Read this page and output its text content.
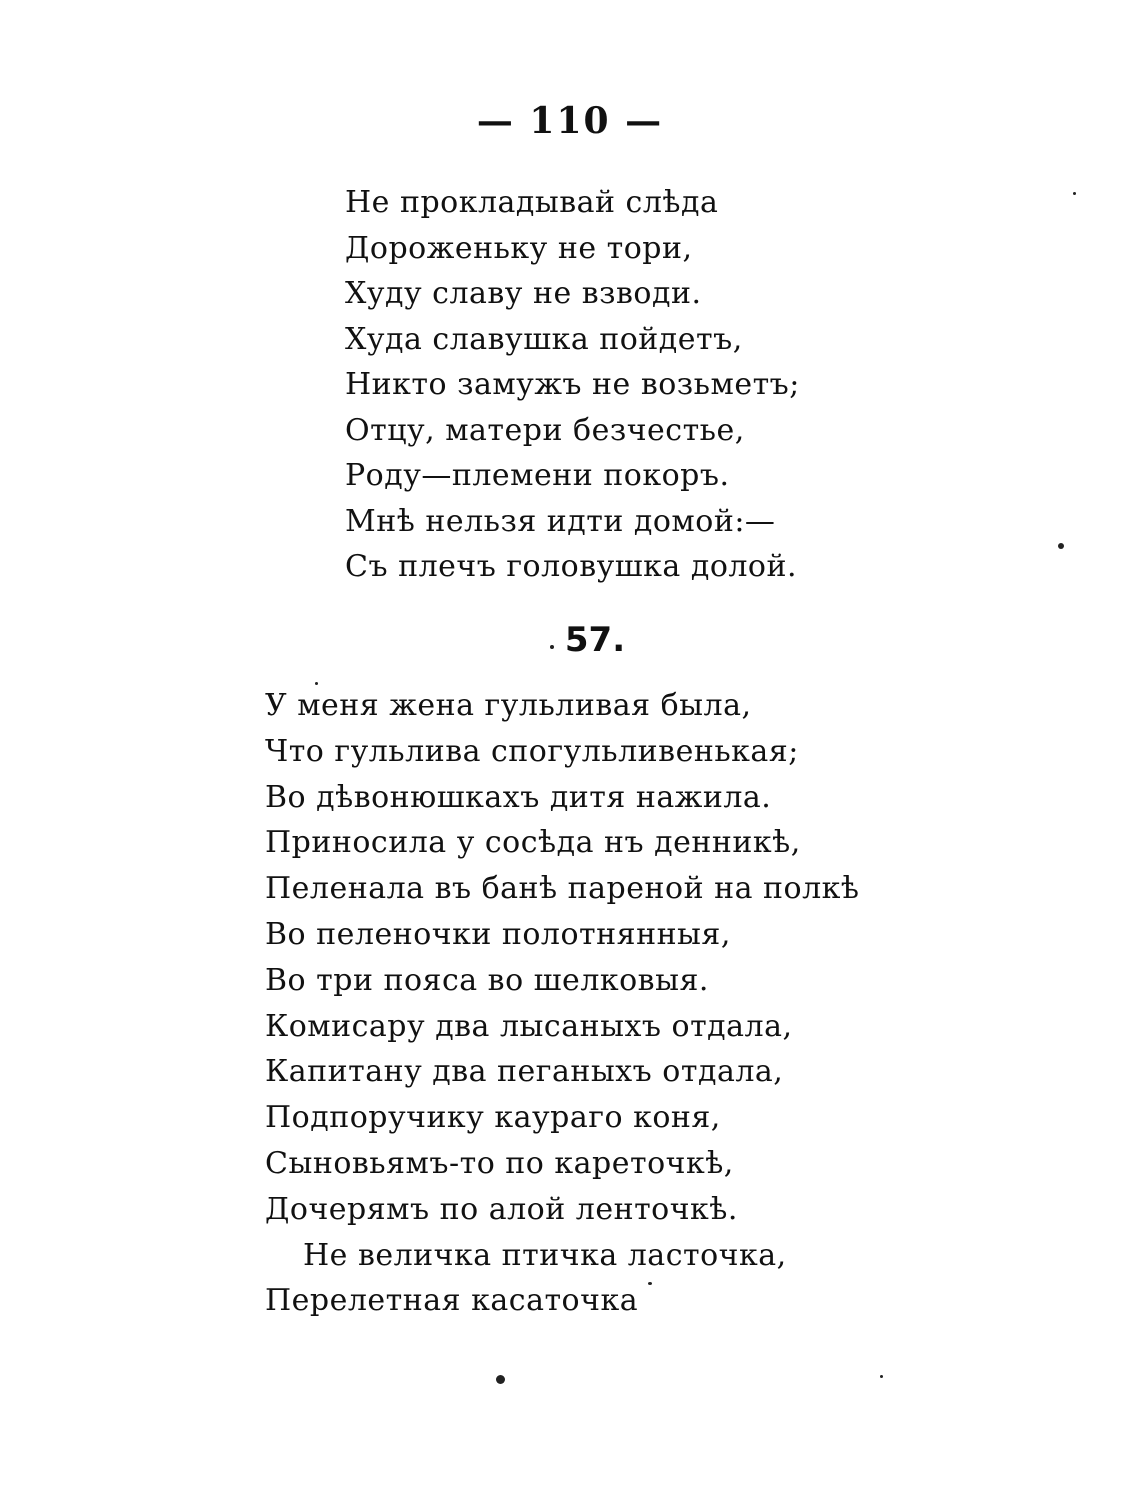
— 110 —
Не прокладывай слѣда
Дороженьку не тори,
Худу славу не взводи.
Худа славушка пойдетъ,
Никто замужъ не возьметъ;
Отцу, матери безчестье,
Роду—племени покоръ.
Мнѣ нельзя идти домой:—
Съ плечъ головушка долой.
57.
У меня жена гульливая была,
Что гульлива спогульливенькая;
Во дѣвонюшкахъ дитя нажила.
Приносила у сосѣда нъ денникѣ,
Пеленала въ банѣ пареной на полкѣ
Во пеленочки полотнянныя,
Во три пояса во шелковыя.
Комисару два лысаныхъ отдала,
Капитану два пеганыхъ отдала,
Подпоручику каураго коня,
Сыновьямъ-то по кареточкѣ,
Дочерямъ по алой ленточкѣ.
Не величка птичка ласточка,
Перелетная касаточка
